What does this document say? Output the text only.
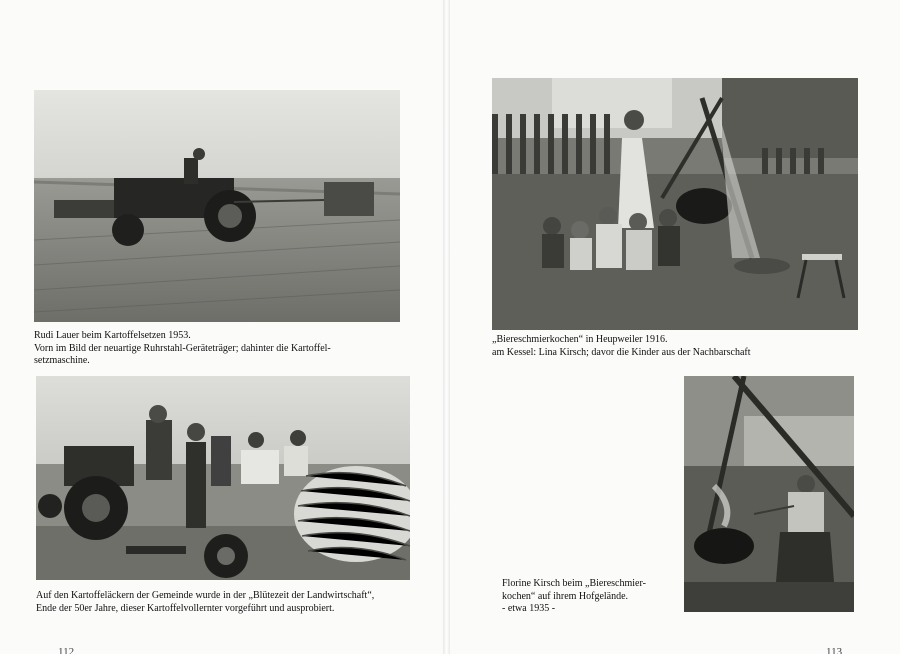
Rudi Lauer beim Kartoffelsetzen 1953.
Vorn im Bild der neuartige Ruhrstahl-Geräteträger; dahinter die Kartoffel-
setzmaschine.
Auf den Kartoffeläckern der Gemeinde wurde in der „Blütezeit der Landwirtschaft“,
Ende der 50er Jahre, dieser Kartoffelvollernter vorgeführt und ausprobiert.
112
„Biereschmierkochen“ in Heupweiler 1916.
am Kessel: Lina Kirsch; davor die Kinder aus der Nachbarschaft
Florine Kirsch beim „Biereschmier-
kochen“ auf ihrem Hofgelände.
- etwa 1935 -
113
